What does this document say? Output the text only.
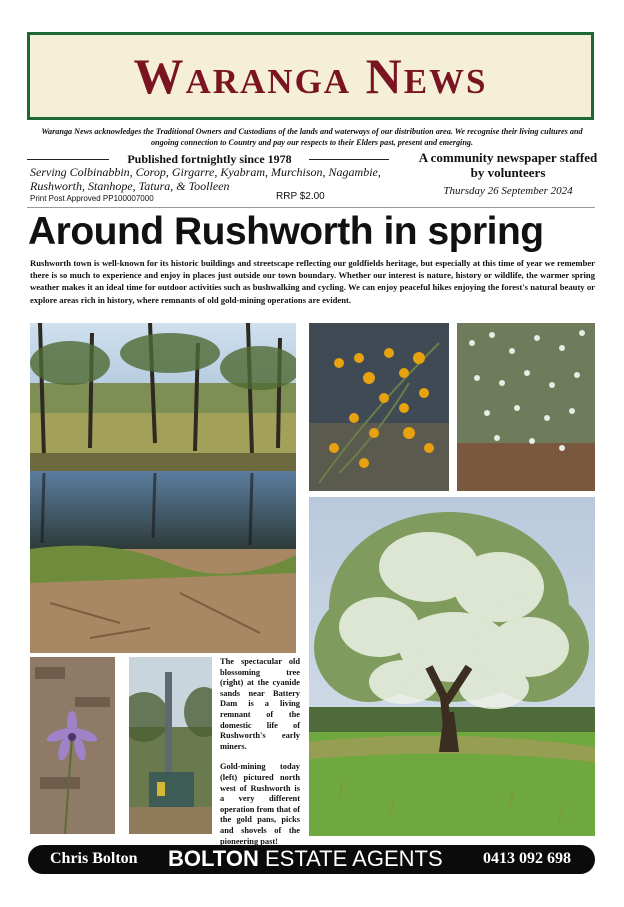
Waranga News
Waranga News acknowledges the Traditional Owners and Custodians of the lands and waterways of our distribution area. We recognise their living cultures and ongoing connection to Country and pay our respects to their Elders past, present and emerging.
Published fortnightly since 1978
Serving Colbinabbin, Corop, Girgarre, Kyabram, Murchison, Nagambie, Rushworth, Stanhope, Tatura, & Toolleen
Print Post Approved PP100007000	RRP $2.00
A community newspaper staffed by volunteers
Thursday 26 September 2024
Around Rushworth in spring
Rushworth town is well-known for its historic buildings and streetscape reflecting our goldfields heritage, but especially at this time of year we remember there is so much to experience and enjoy in places just outside our town boundary. Whether our interest is nature, history or wildlife, the warmer spring weather makes it an ideal time for outdoor activities such as bushwalking and cycling. We can enjoy peaceful hikes enjoying the forest's natural beauty or explore areas rich in history, where remnants of old gold-mining operations are evident.

The spectacular old blossoming tree (right) at the cyanide sands near Battery Dam is a living remnant of the domestic life of Rushworth's early miners.

Gold-mining today (left) pictured north west of Rushworth is a very different operation from that of the gold pans, picks and shovels of the pioneering past!

Chris Bolton BOLTON ESTATE AGENTS	0413 092 698
